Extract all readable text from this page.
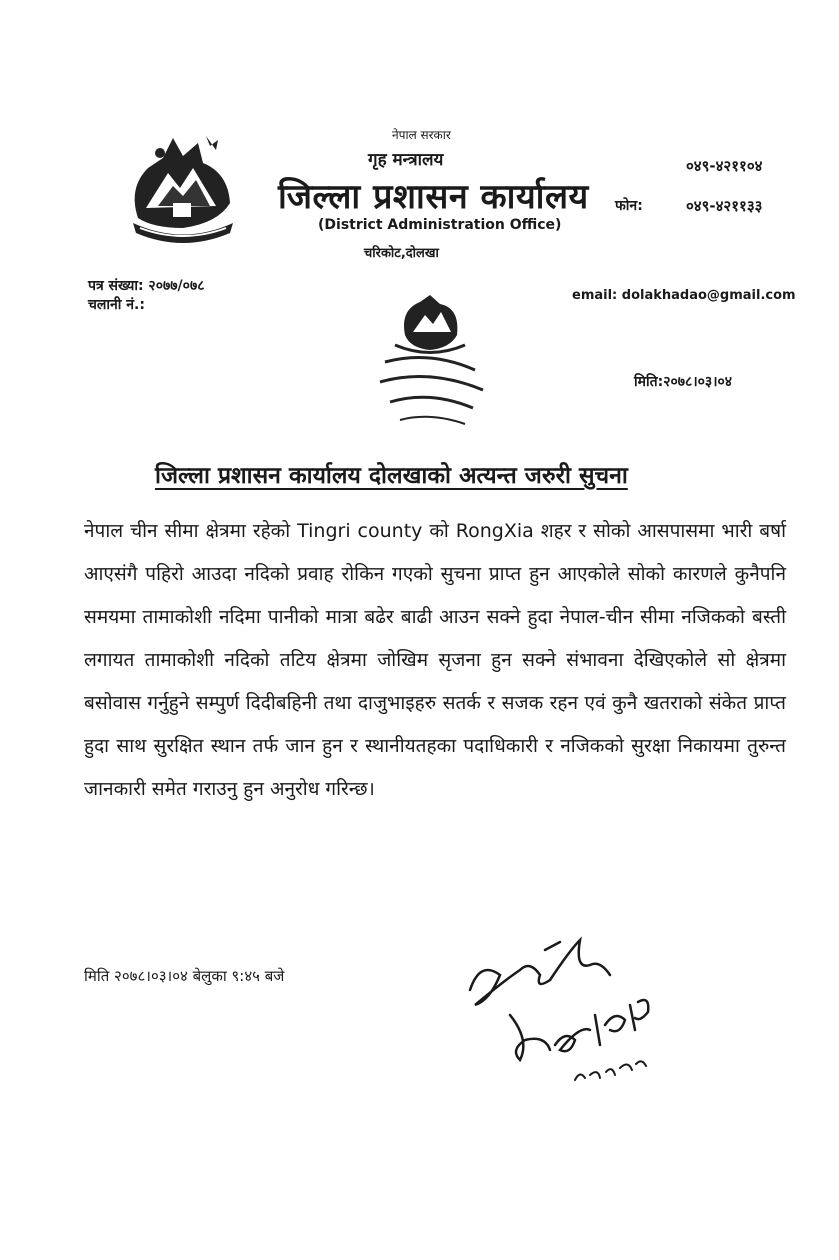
नेपाल सरकार
गृह मन्त्रालय
जिल्ला प्रशासन कार्यालय
(District Administration Office)
चरिकोट,दोलखा
०४९-४२११०४
फोन:	०४९-४२११३३
email: dolakhadao@gmail.com
पत्र संख्या: २०७७/०७८
चलानी नं.:
मिति:२०७८।०३।०४
जिल्ला प्रशासन कार्यालय दोलखाको अत्यन्त जरुरी सुचना
नेपाल चीन सीमा क्षेत्रमा रहेको Tingri county को RongXia शहर र सोको आसपासमा भारी बर्षा आएसंगै पहिरो आउदा नदिको प्रवाह रोकिन गएको सुचना प्राप्त हुन आएकोले सोको कारणले कुनैपनि समयमा तामाकोशी नदिमा पानीको मात्रा बढेर बाढी आउन सक्ने हुदा नेपाल-चीन सीमा नजिकको बस्ती लगायत तामाकोशी नदिको तटिय क्षेत्रमा जोखिम सृजना हुन सक्ने संभावना देखिएकोले सो क्षेत्रमा बसोवास गर्नुहुने सम्पुर्ण दिदीबहिनी तथा दाजुभाइहरु सतर्क र सजक रहन एवं कुनै खतराको संकेत प्राप्त हुदा साथ सुरक्षित स्थान तर्फ जान हुन र स्थानीयतहका पदाधिकारी र नजिकको सुरक्षा निकायमा तुरुन्त जानकारी समेत गराउनु हुन अनुरोध गरिन्छ।
मिति २०७८।०३।०४ बेलुका ९:४५ बजे
